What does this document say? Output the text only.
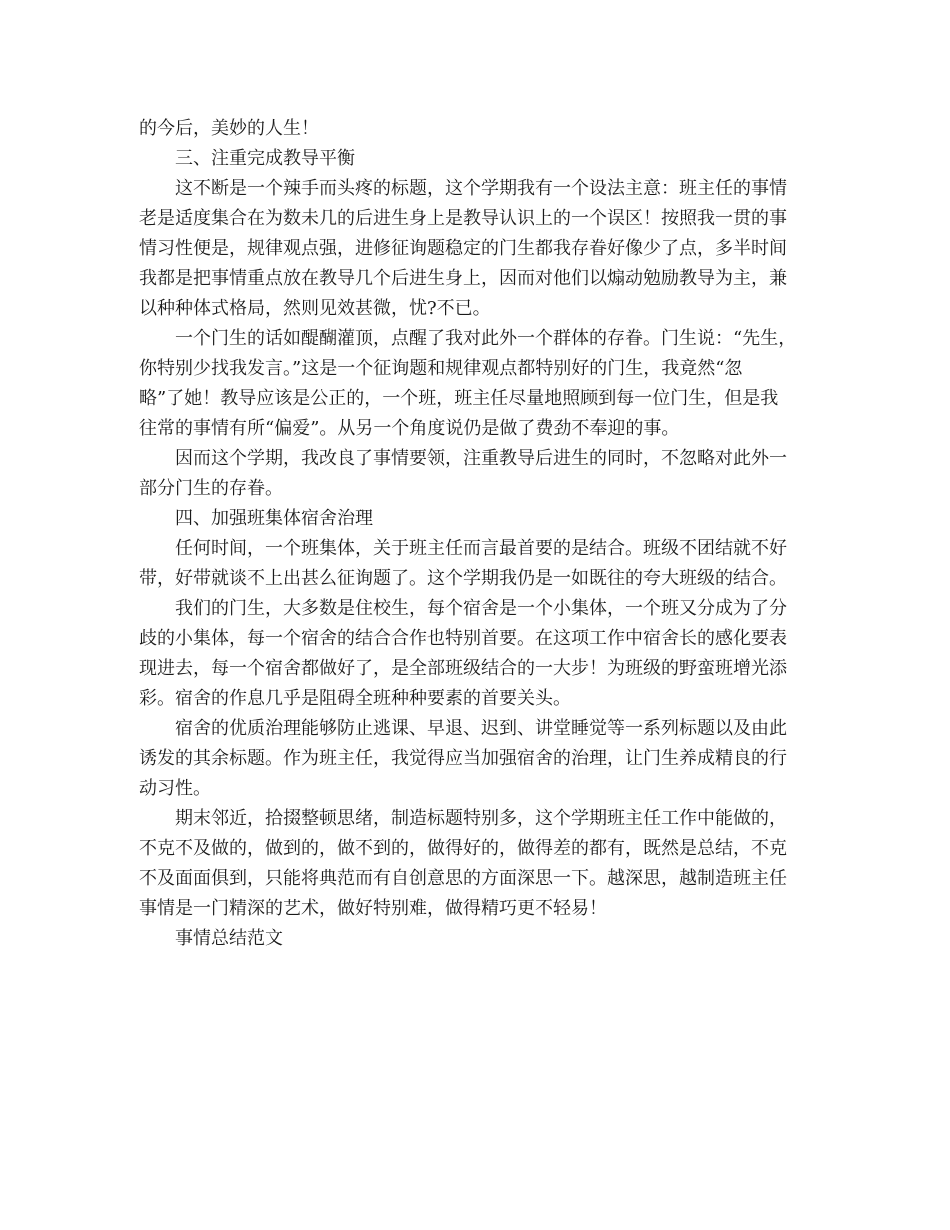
的今后，美妙的人生！

三、注重完成教导平衡

这不断是一个辣手而头疼的标题，这个学期我有一个设法主意：班主任的事情
老是适度集合在为数未几的后进生身上是教导认识上的一个误区！按照我一贯的事
情习性便是，规律观点强，进修征询题稳定的门生都我存眷好像少了点，多半时间
我都是把事情重点放在教导几个后进生身上，因而对他们以煽动勉励教导为主，兼
以种种体式格局，然则见效甚微，忧?不已。

一个门生的话如醍醐灌顶，点醒了我对此外一个群体的存眷。门生说：“先生，
你特别少找我发言。”这是一个征询题和规律观点都特别好的门生，我竟然“忽
略”了她！教导应该是公正的，一个班，班主任尽量地照顾到每一位门生，但是我
往常的事情有所“偏爱”。从另一个角度说仍是做了费劲不奉迎的事。

因而这个学期，我改良了事情要领，注重教导后进生的同时，不忽略对此外一
部分门生的存眷。

四、加强班集体宿舍治理

任何时间，一个班集体，关于班主任而言最首要的是结合。班级不团结就不好
带，好带就谈不上出甚么征询题了。这个学期我仍是一如既往的夸大班级的结合。

我们的门生，大多数是住校生，每个宿舍是一个小集体，一个班又分成为了分
歧的小集体，每一个宿舍的结合合作也特别首要。在这项工作中宿舍长的感化要表
现进去，每一个宿舍都做好了，是全部班级结合的一大步！为班级的野蛮班增光添
彩。宿舍的作息几乎是阻碍全班种种要素的首要关头。

宿舍的优质治理能够防止逃课、早退、迟到、讲堂睡觉等一系列标题以及由此
诱发的其余标题。作为班主任，我觉得应当加强宿舍的治理，让门生养成精良的行
动习性。

期末邻近，拾掇整顿思绪，制造标题特别多，这个学期班主任工作中能做的，
不克不及做的，做到的，做不到的，做得好的，做得差的都有，既然是总结，不克
不及面面俱到，只能将典范而有自创意思的方面深思一下。越深思，越制造班主任
事情是一门精深的艺术，做好特别难，做得精巧更不轻易！

事情总结范文
